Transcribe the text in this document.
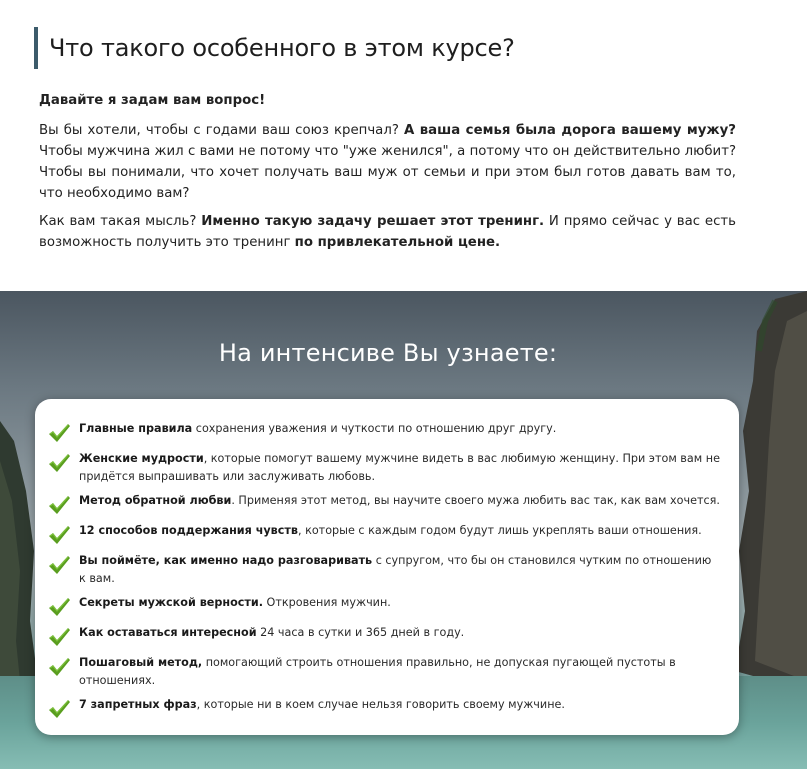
Что такого особенного в этом курсе?

Давайте я задам вам вопрос!

Вы бы хотели, чтобы с годами ваш союз крепчал? А ваша семья была дорога вашему мужу? Чтобы мужчина жил с вами не потому что "уже женился", а потому что он действительно любит? Чтобы вы понимали, что хочет получать ваш муж от семьи и при этом был готов давать вам то, что необходимо вам?

Как вам такая мысль? Именно такую задачу решает этот тренинг. И прямо сейчас у вас есть возможность получить это тренинг по привлекательной цене.

На интенсиве Вы узнаете:
Главные правила сохранения уважения и чуткости по отношению друг другу.
Женские мудрости, которые помогут вашему мужчине видеть в вас любимую женщину. При этом вам не придётся выпрашивать или заслуживать любовь.
Метод обратной любви. Применяя этот метод, вы научите своего мужа любить вас так, как вам хочется.
12 способов поддержания чувств, которые с каждым годом будут лишь укреплять ваши отношения.
Вы поймёте, как именно надо разговаривать с супругом, что бы он становился чутким по отношению к вам.
Секреты мужской верности. Откровения мужчин.
Как оставаться интересной 24 часа в сутки и 365 дней в году.
Пошаговый метод, помогающий строить отношения правильно, не допуская пугающей пустоты в отношениях.
7 запретных фраз, которые ни в коем случае нельзя говорить своему мужчине.
